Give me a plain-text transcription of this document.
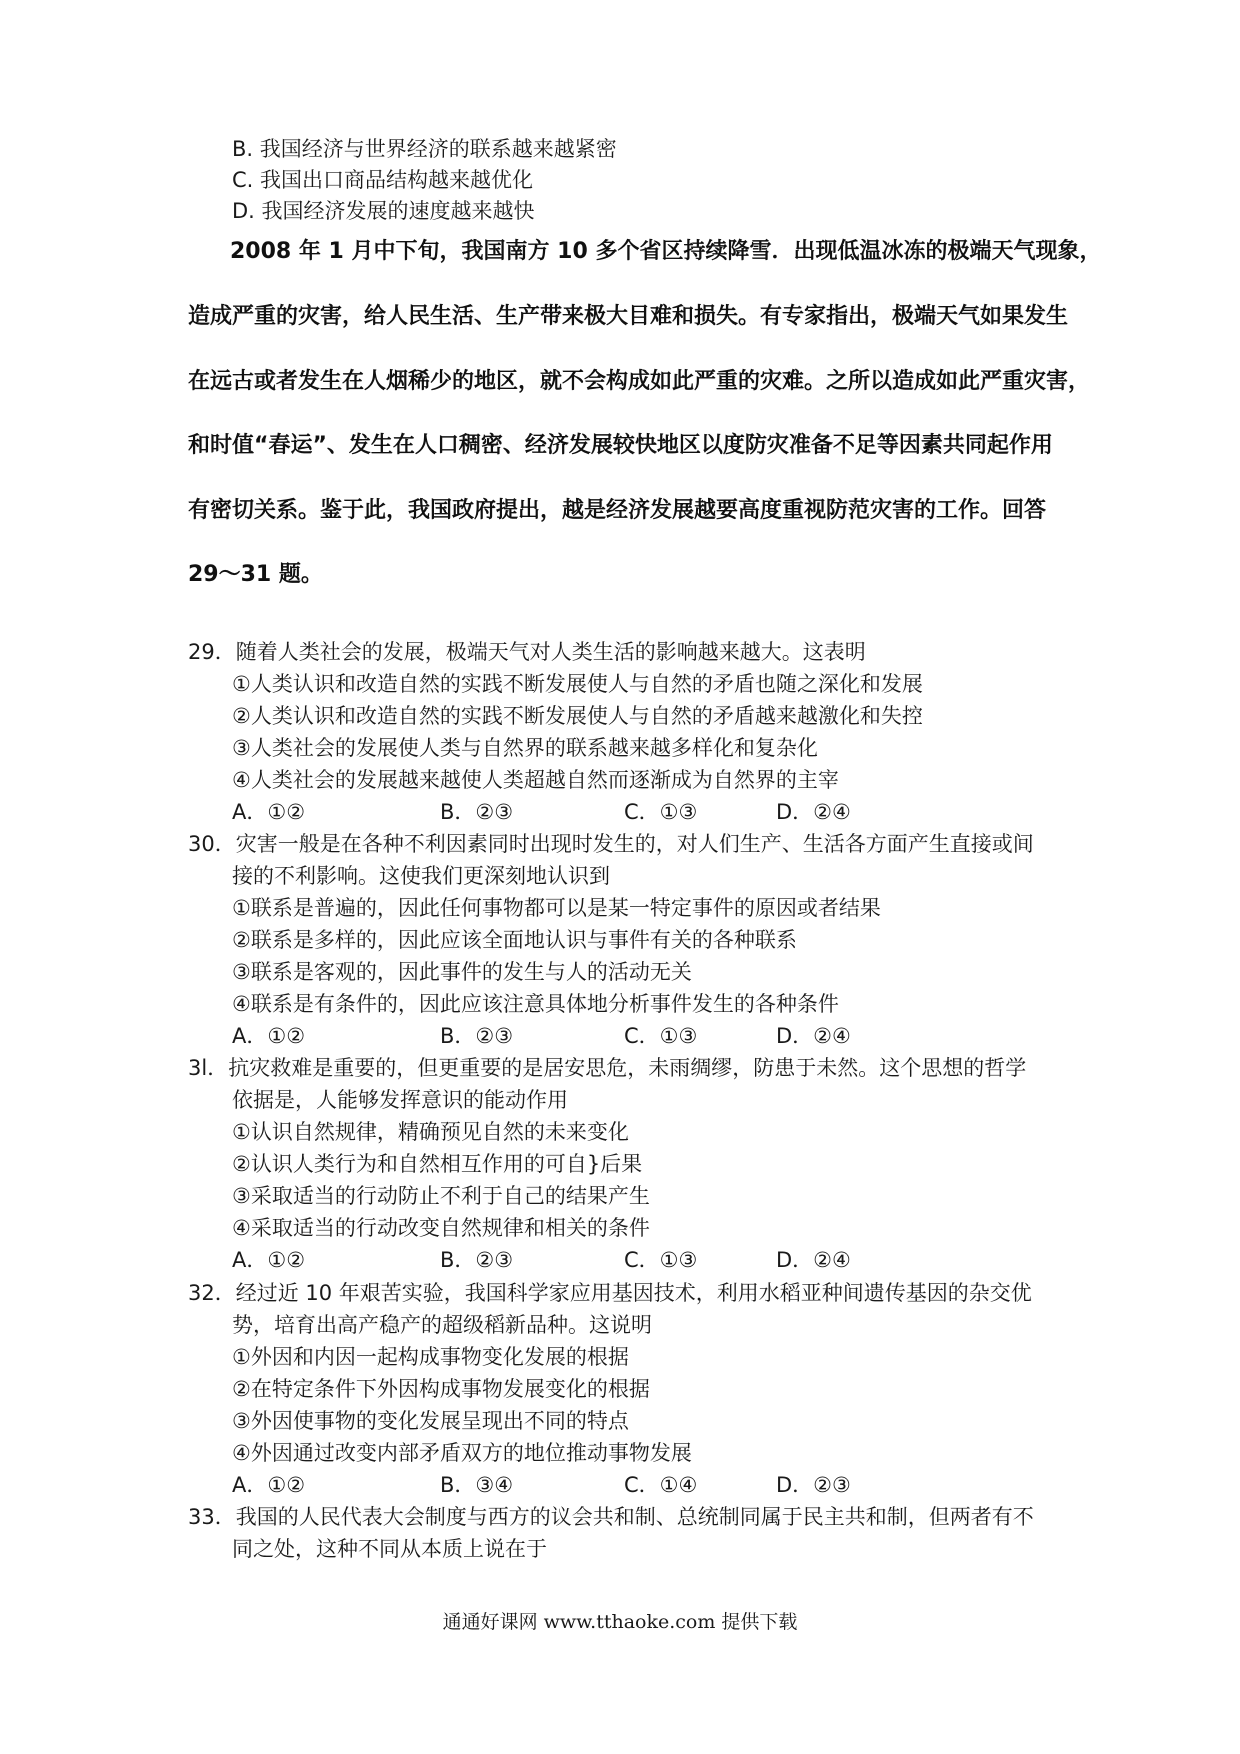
B. 我国经济与世界经济的联系越来越紧密
C. 我国出口商品结构越来越优化
D. 我国经济发展的速度越来越快
2008 年 1 月中下旬，我国南方 10 多个省区持续降雪．出现低温冰冻的极端天气现象，
造成严重的灾害，给人民生活、生产带来极大目难和损失。有专家指出，极端天气如果发生
在远古或者发生在人烟稀少的地区，就不会构成如此严重的灾难。之所以造成如此严重灾害，
和时值“春运”、发生在人口稠密、经济发展较快地区以度防灾准备不足等因素共同起作用
有密切关系。鉴于此，我国政府提出，越是经济发展越要高度重视防范灾害的工作。回答
29～31 题。
29．随着人类社会的发展，极端天气对人类生活的影响越来越大。这表明
①人类认识和改造自然的实践不断发展使人与自然的矛盾也随之深化和发展
②人类认识和改造自然的实践不断发展使人与自然的矛盾越来越激化和失控
③人类社会的发展使人类与自然界的联系越来越多样化和复杂化
④人类社会的发展越来越使人类超越自然而逐渐成为自然界的主宰
A．①②	B．②③	C．①③	D．②④
30．灾害一般是在各种不利因素同时出现时发生的，对人们生产、生活各方面产生直接或间
接的不利影响。这使我们更深刻地认识到
①联系是普遍的，因此任何事物都可以是某一特定事件的原因或者结果
②联系是多样的，因此应该全面地认识与事件有关的各种联系
③联系是客观的，因此事件的发生与人的活动无关
④联系是有条件的，因此应该注意具体地分析事件发生的各种条件
A．①②	B．②③	C．①③	D．②④
3l．抗灾救难是重要的，但更重要的是居安思危，未雨绸缪，防患于未然。这个思想的哲学
依据是，人能够发挥意识的能动作用
①认识自然规律，精确预见自然的未来变化
②认识人类行为和自然相互作用的可自}后果
③采取适当的行动防止不利于自己的结果产生
④采取适当的行动改变自然规律和相关的条件
A．①②	B．②③	C．①③	D．②④
32．经过近 10 年艰苦实验，我国科学家应用基因技术，利用水稻亚种间遗传基因的杂交优
势，培育出高产稳产的超级稻新品种。这说明
①外因和内因一起构成事物变化发展的根据
②在特定条件下外因构成事物发展变化的根据
③外因使事物的变化发展呈现出不同的特点
④外因通过改变内部矛盾双方的地位推动事物发展
A．①②	B．③④	C．①④	D．②③
33．我国的人民代表大会制度与西方的议会共和制、总统制同属于民主共和制，但两者有不
同之处，这种不同从本质上说在于
通通好课网 www.tthaoke.com 提供下载
